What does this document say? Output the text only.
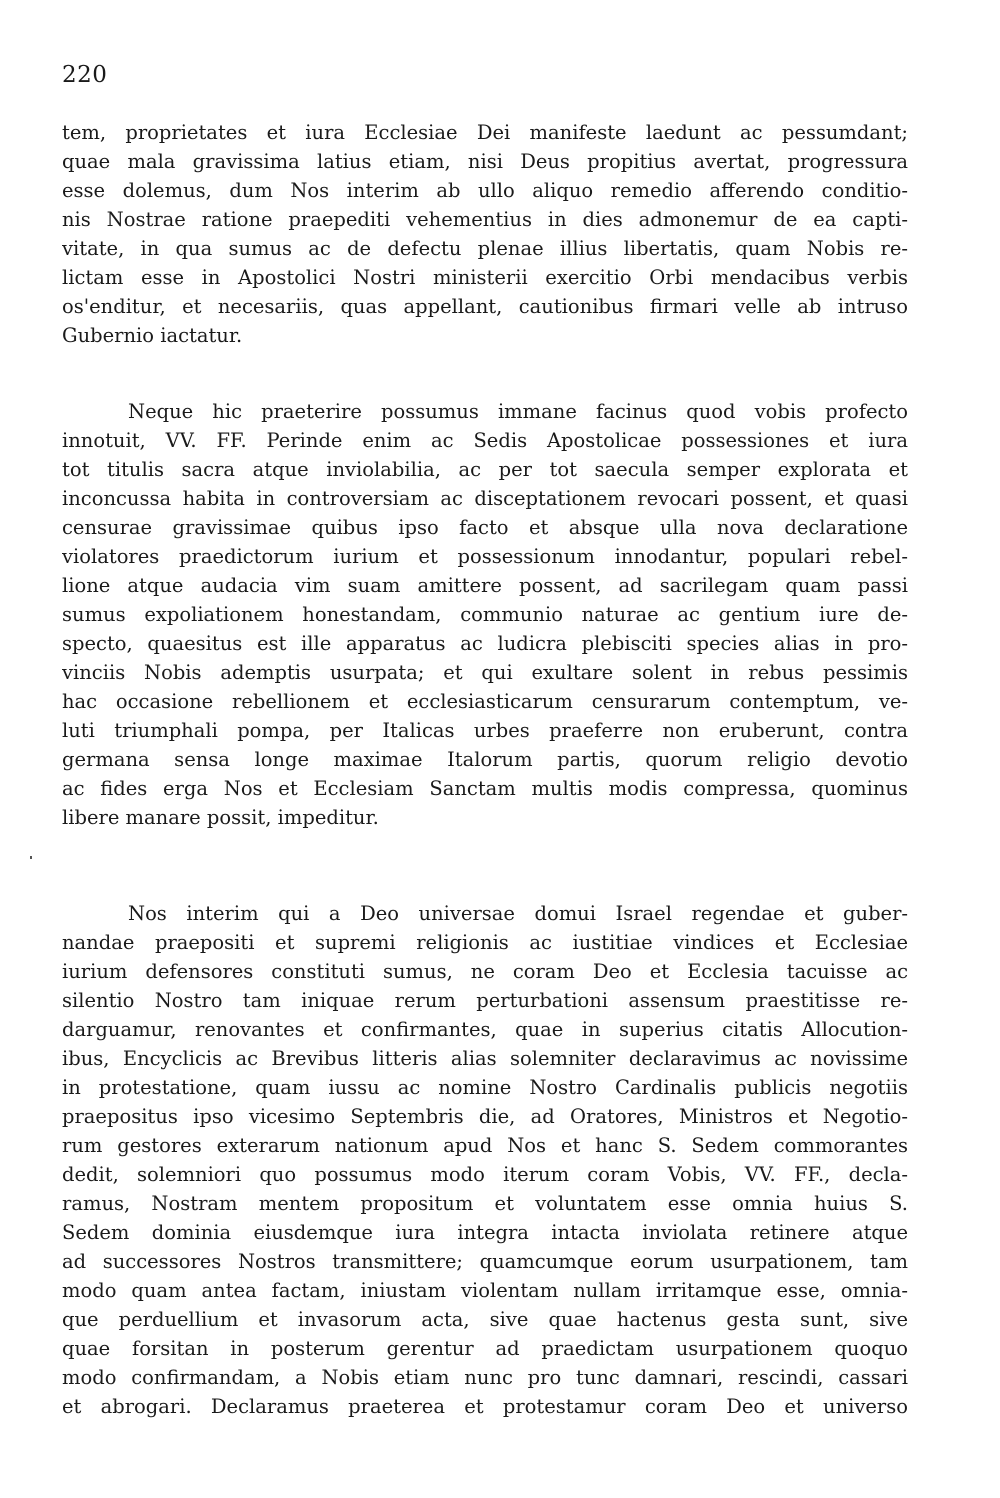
220
tem, proprietates et iura Ecclesiae Dei manifeste laedunt ac pessumdant;
quae mala gravissima latius etiam, nisi Deus propitius avertat, progressura
esse dolemus, dum Nos interim ab ullo aliquo remedio afferendo conditio-
nis Nostrae ratione praepediti vehementius in dies admonemur de ea capti-
vitate, in qua sumus ac de defectu plenae illius libertatis, quam Nobis re-
lictam esse in Apostolici Nostri ministerii exercitio Orbi mendacibus verbis
os'enditur, et necesariis, quas appellant, cautionibus firmari velle ab intruso
Gubernio iactatur.
Neque hic praeterire possumus immane facinus quod vobis profecto
innotuit, VV. FF. Perinde enim ac Sedis Apostolicae possessiones et iura
tot titulis sacra atque inviolabilia, ac per tot saecula semper explorata et
inconcussa habita in controversiam ac disceptationem revocari possent, et quasi
censurae gravissimae quibus ipso facto et absque ulla nova declaratione
violatores praedictorum iurium et possessionum innodantur, populari rebel-
lione atque audacia vim suam amittere possent, ad sacrilegam quam passi
sumus expoliationem honestandam, communio naturae ac gentium iure de-
specto, quaesitus est ille apparatus ac ludicra plebisciti species alias in pro-
vinciis Nobis ademptis usurpata; et qui exultare solent in rebus pessimis
hac occasione rebellionem et ecclesiasticarum censurarum contemptum, ve-
luti triumphali pompa, per Italicas urbes praeferre non eruberunt, contra
germana sensa longe maximae Italorum partis, quorum religio devotio
ac fides erga Nos et Ecclesiam Sanctam multis modis compressa, quominus
libere manare possit, impeditur.
Nos interim qui a Deo universae domui Israel regendae et guber-
nandae praepositi et supremi religionis ac iustitiae vindices et Ecclesiae
iurium defensores constituti sumus, ne coram Deo et Ecclesia tacuisse ac
silentio Nostro tam iniquae rerum perturbationi assensum praestitisse re-
darguamur, renovantes et confirmantes, quae in superius citatis Allocution-
ibus, Encyclicis ac Brevibus litteris alias solemniter declaravimus ac novissime
in protestatione, quam iussu ac nomine Nostro Cardinalis publicis negotiis
praepositus ipso vicesimo Septembris die, ad Oratores, Ministros et Negotio-
rum gestores exterarum nationum apud Nos et hanc S. Sedem commorantes
dedit, solemniori quo possumus modo iterum coram Vobis, VV. FF., decla-
ramus, Nostram mentem propositum et voluntatem esse omnia huius S.
Sedem dominia eiusdemque iura integra intacta inviolata retinere atque
ad successores Nostros transmittere; quamcumque eorum usurpationem, tam
modo quam antea factam, iniustam violentam nullam irritamque esse, omnia-
que perduellium et invasorum acta, sive quae hactenus gesta sunt, sive
quae forsitan in posterum gerentur ad praedictam usurpationem quoquo
modo confirmandam, a Nobis etiam nunc pro tunc damnari, rescindi, cassari
et abrogari. Declaramus praeterea et protestamur coram Deo et universo
